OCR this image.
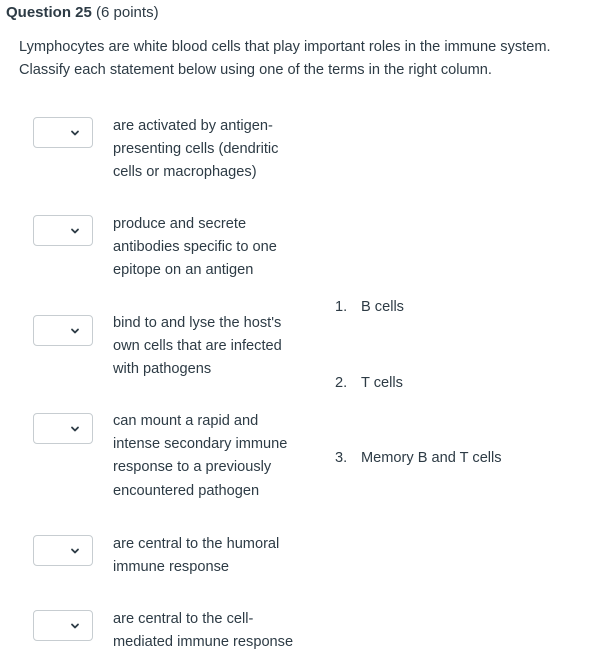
Question 25 (6 points)
Lymphocytes are white blood cells that play important roles in the immune system.
Classify each statement below using one of the terms in the right column.
are activated by antigen-
presenting cells (dendritic
cells or macrophages)
produce and secrete
antibodies specific to one
epitope on an antigen
bind to and lyse the host's
own cells that are infected
with pathogens
can mount a rapid and
intense secondary immune
response to a previously
encountered pathogen
are central to the humoral
immune response
are central to the cell-
mediated immune response
1. B cells
2. T cells
3. Memory B and T cells
